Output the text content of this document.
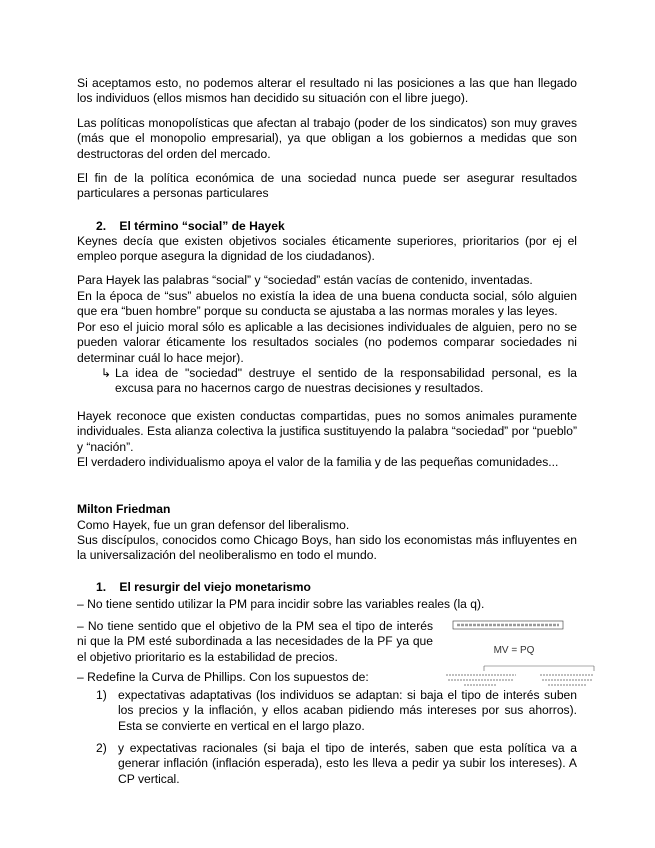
Si aceptamos esto, no podemos alterar el resultado ni las posiciones a las que han llegado los individuos (ellos mismos han decidido su situación con el libre juego).

Las políticas monopolísticas que afectan al trabajo (poder de los sindicatos) son muy graves (más que el monopolio empresarial), ya que obligan a los gobiernos a medidas que son destructoras del orden del mercado.

El fin de la política económica de una sociedad nunca puede ser asegurar resultados particulares a personas particulares

2. El término “social” de Hayek

Keynes decía que existen objetivos sociales éticamente superiores, prioritarios (por ej el empleo porque asegura la dignidad de los ciudadanos).

Para Hayek las palabras “social” y “sociedad” están vacías de contenido, inventadas.

En la época de “sus” abuelos no existía la idea de una buena conducta social, sólo alguien que era “buen hombre” porque su conducta se ajustaba a las normas morales y las leyes.

Por eso el juicio moral sólo es aplicable a las decisiones individuales de alguien, pero no se pueden valorar éticamente los resultados sociales (no podemos comparar sociedades ni determinar cuál lo hace mejor).

↳ La idea de "sociedad" destruye el sentido de la responsabilidad personal, es la excusa para no hacernos cargo de nuestras decisiones y resultados.

Hayek reconoce que existen conductas compartidas, pues no somos animales puramente individuales. Esta alianza colectiva la justifica sustituyendo la palabra “sociedad” por “pueblo” y “nación”.

El verdadero individualismo apoya el valor de la familia y de las pequeñas comunidades...

Milton Friedman

Como Hayek, fue un gran defensor del liberalismo.

Sus discípulos, conocidos como Chicago Boys, han sido los economistas más influyentes en la universalización del neoliberalismo en todo el mundo.

1. El resurgir del viejo monetarismo

– No tiene sentido utilizar la PM para incidir sobre las variables reales (la q).

– No tiene sentido que el objetivo de la PM sea el tipo de interés ni que la PM esté subordinada a las necesidades de la PF ya que el objetivo prioritario es la estabilidad de precios.

– Redefine la Curva de Phillips. Con los supuestos de:

1) expectativas adaptativas (los individuos se adaptan: si baja el tipo de interés suben los precios y la inflación, y ellos acaban pidiendo más intereses por sus ahorros). Esta se convierte en vertical en el largo plazo.

2) y expectativas racionales (si baja el tipo de interés, saben que esta política va a generar inflación (inflación esperada), esto les lleva a pedir ya subir los intereses). A CP vertical.

MV = PQ
